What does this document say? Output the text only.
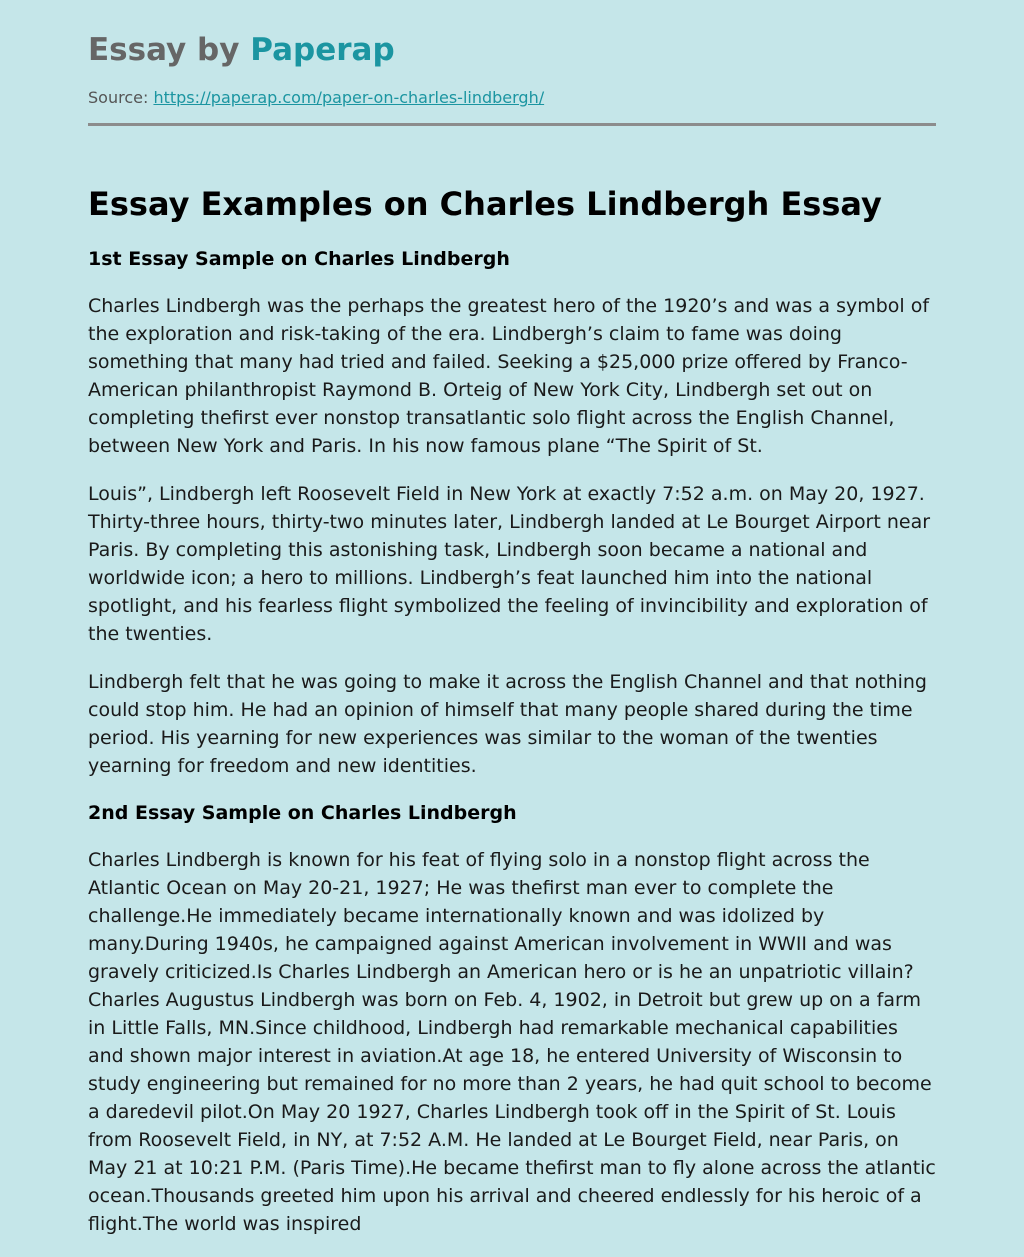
Essay by Paperap
Source: https://paperap.com/paper-on-charles-lindbergh/
Essay Examples on Charles Lindbergh Essay
1st Essay Sample on Charles Lindbergh

Charles Lindbergh was the perhaps the greatest hero of the 1920’s and was a symbol of the exploration and risk-taking of the era. Lindbergh’s claim to fame was doing something that many had tried and failed. Seeking a $25,000 prize offered by Franco-American philanthropist Raymond B. Orteig of New York City, Lindbergh set out on completing thefirst ever nonstop transatlantic solo flight across the English Channel, between New York and Paris. In his now famous plane “The Spirit of St.

Louis”, Lindbergh left Roosevelt Field in New York at exactly 7:52 a.m. on May 20, 1927. Thirty-three hours, thirty-two minutes later, Lindbergh landed at Le Bourget Airport near Paris. By completing this astonishing task, Lindbergh soon became a national and worldwide icon; a hero to millions. Lindbergh’s feat launched him into the national spotlight, and his fearless flight symbolized the feeling of invincibility and exploration of the twenties.

Lindbergh felt that he was going to make it across the English Channel and that nothing could stop him. He had an opinion of himself that many people shared during the time period. His yearning for new experiences was similar to the woman of the twenties yearning for freedom and new identities.

2nd Essay Sample on Charles Lindbergh

Charles Lindbergh is known for his feat of flying solo in a nonstop flight across the Atlantic Ocean on May 20-21, 1927; He was thefirst man ever to complete the challenge.He immediately became internationally known and was idolized by many.During 1940s, he campaigned against American involvement in WWII and was gravely criticized.Is Charles Lindbergh an American hero or is he an unpatriotic villain?Charles Augustus Lindbergh was born on Feb. 4, 1902, in Detroit but grew up on a farm in Little Falls, MN.Since childhood, Lindbergh had remarkable mechanical capabilities and shown major interest in aviation.At age 18, he entered University of Wisconsin to study engineering but remained for no more than 2 years, he had quit school to become a daredevil pilot.On May 20 1927, Charles Lindbergh took off in the Spirit of St. Louis from Roosevelt Field, in NY, at 7:52 A.M. He landed at Le Bourget Field, near Paris, on May 21 at 10:21 P.M. (Paris Time).He became thefirst man to fly alone across the atlantic ocean.Thousands greeted him upon his arrival and cheered endlessly for his heroic of a flight.The world was inspired
